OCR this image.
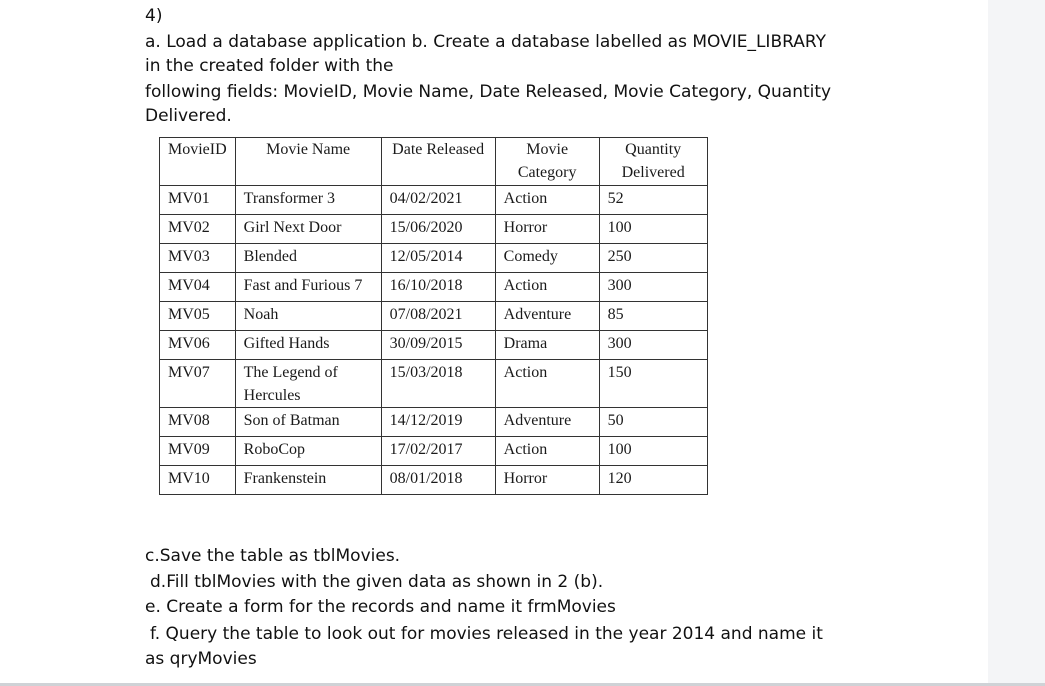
4)
a. Load a database application b. Create a database labelled as MOVIE_LIBRARY
in the created folder with the
following fields: MovieID, Movie Name, Date Released, Movie Category, Quantity
Delivered.
MovieID	Movie Name	Date Released	Movie Category	Quantity Delivered
MV01	Transformer 3	04/02/2021	Action	52
MV02	Girl Next Door	15/06/2020	Horror	100
MV03	Blended	12/05/2014	Comedy	250
MV04	Fast and Furious 7	16/10/2018	Action	300
MV05	Noah	07/08/2021	Adventure	85
MV06	Gifted Hands	30/09/2015	Drama	300
MV07	The Legend of Hercules	15/03/2018	Action	150
MV08	Son of Batman	14/12/2019	Adventure	50
MV09	RoboCop	17/02/2017	Action	100
MV10	Frankenstein	08/01/2018	Horror	120
c.Save the table as tblMovies.
d.Fill tblMovies with the given data as shown in 2 (b).
e. Create a form for the records and name it frmMovies
f. Query the table to look out for movies released in the year 2014 and name it
as qryMovies
